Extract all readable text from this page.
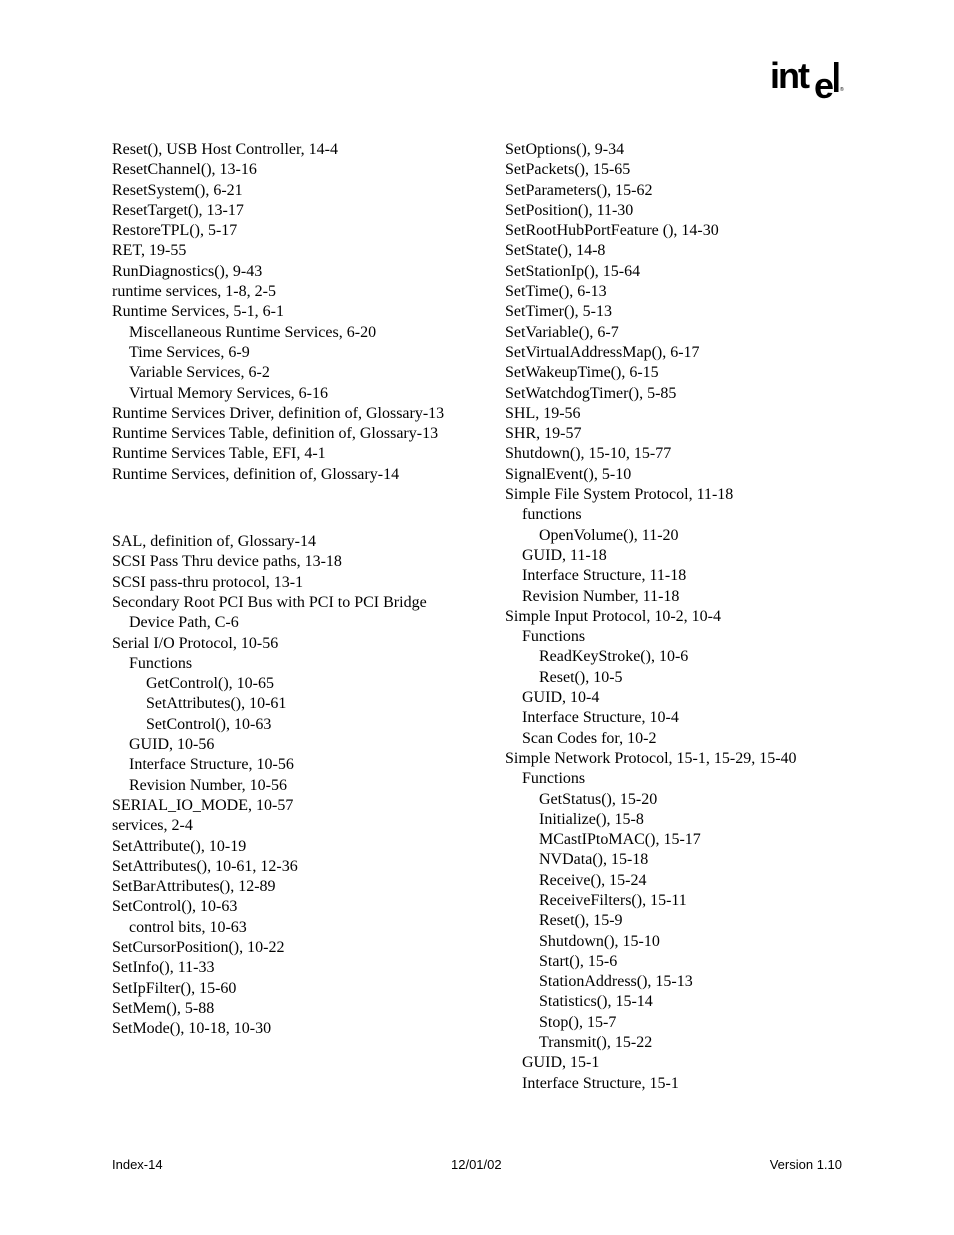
int e ®
Reset(), USB Host Controller, 14-4
ResetChannel(), 13-16
ResetSystem(), 6-21
ResetTarget(), 13-17
RestoreTPL(), 5-17
RET, 19-55
RunDiagnostics(), 9-43
runtime services, 1-8, 2-5
Runtime Services, 5-1, 6-1
Miscellaneous Runtime Services, 6-20
Time Services, 6-9
Variable Services, 6-2
Virtual Memory Services, 6-16
Runtime Services Driver, definition of, Glossary-13
Runtime Services Table, definition of, Glossary-13
Runtime Services Table, EFI, 4-1
Runtime Services, definition of, Glossary-14
SAL, definition of, Glossary-14
SCSI Pass Thru device paths, 13-18
SCSI pass-thru protocol, 13-1
Secondary Root PCI Bus with PCI to PCI Bridge Device Path, C-6
Serial I/O Protocol, 10-56
Functions
GetControl(), 10-65
SetAttributes(), 10-61
SetControl(), 10-63
GUID, 10-56
Interface Structure, 10-56
Revision Number, 10-56
SERIAL_IO_MODE, 10-57
services, 2-4
SetAttribute(), 10-19
SetAttributes(), 10-61, 12-36
SetBarAttributes(), 12-89
SetControl(), 10-63
control bits, 10-63
SetCursorPosition(), 10-22
SetInfo(), 11-33
SetIpFilter(), 15-60
SetMem(), 5-88
SetMode(), 10-18, 10-30
SetOptions(), 9-34
SetPackets(), 15-65
SetParameters(), 15-62
SetPosition(), 11-30
SetRootHubPortFeature (), 14-30
SetState(), 14-8
SetStationIp(), 15-64
SetTime(), 6-13
SetTimer(), 5-13
SetVariable(), 6-7
SetVirtualAddressMap(), 6-17
SetWakeupTime(), 6-15
SetWatchdogTimer(), 5-85
SHL, 19-56
SHR, 19-57
Shutdown(), 15-10, 15-77
SignalEvent(), 5-10
Simple File System Protocol, 11-18
functions
OpenVolume(), 11-20
GUID, 11-18
Interface Structure, 11-18
Revision Number, 11-18
Simple Input Protocol, 10-2, 10-4
Functions
ReadKeyStroke(), 10-6
Reset(), 10-5
GUID, 10-4
Interface Structure, 10-4
Scan Codes for, 10-2
Simple Network Protocol, 15-1, 15-29, 15-40
Functions
GetStatus(), 15-20
Initialize(), 15-8
MCastIPtoMAC(), 15-17
NVData(), 15-18
Receive(), 15-24
ReceiveFilters(), 15-11
Reset(), 15-9
Shutdown(), 15-10
Start(), 15-6
StationAddress(), 15-13
Statistics(), 15-14
Stop(), 15-7
Transmit(), 15-22
GUID, 15-1
Interface Structure, 15-1
Index-14	12/01/02	Version 1.10
